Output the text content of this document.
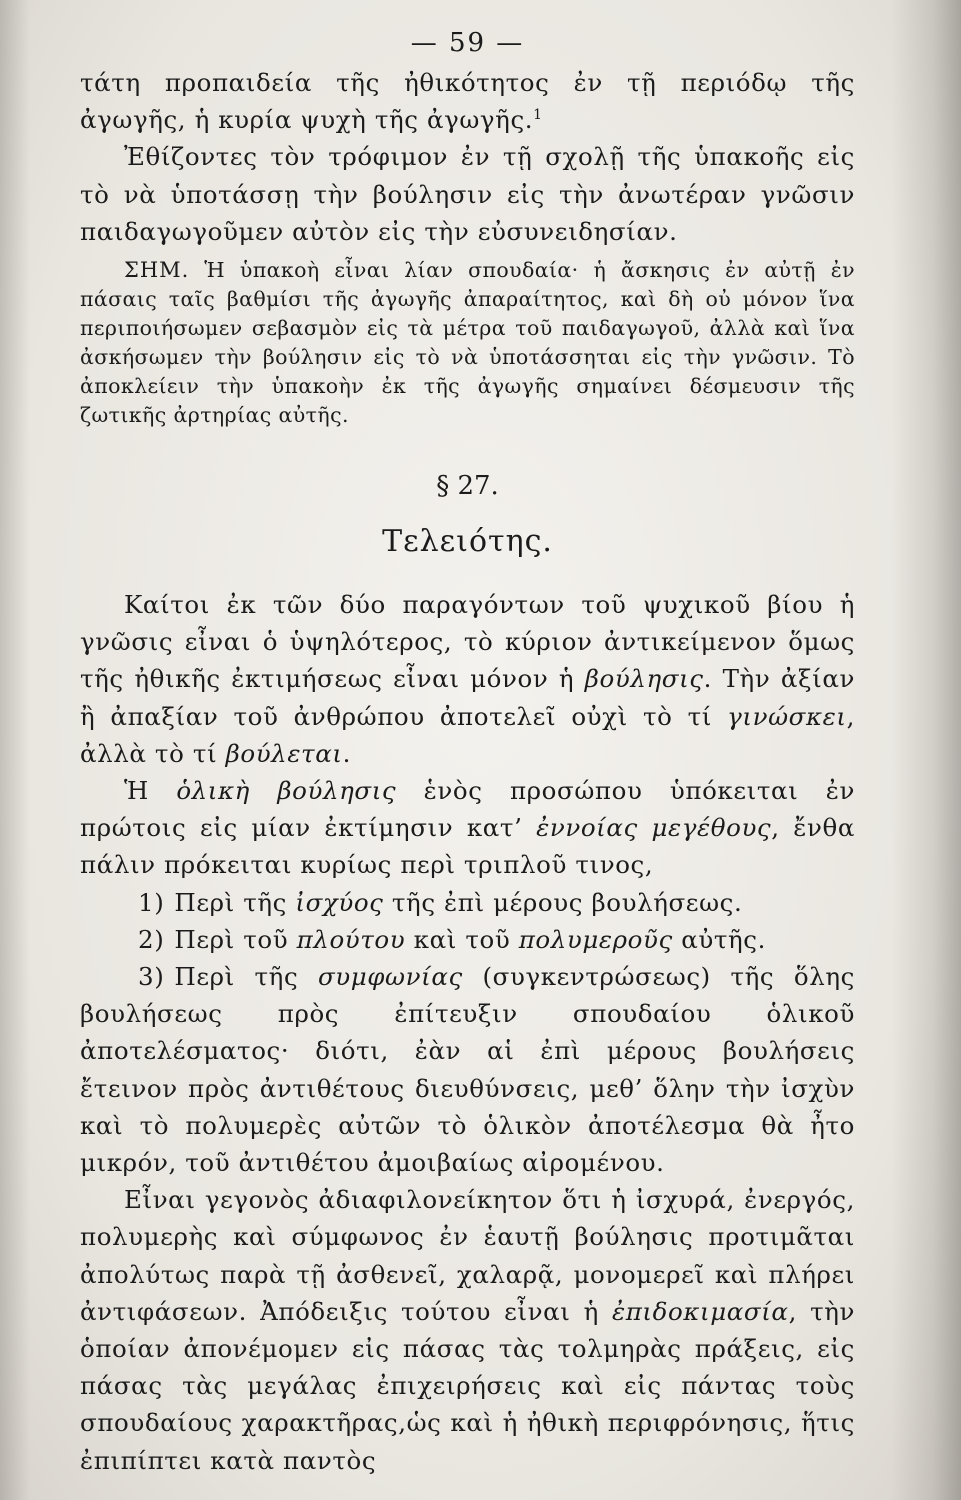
— 59 —

τάτη προπαιδεία τῆς ἠθικότητος ἐν τῇ περιόδῳ τῆς ἀγωγῆς, ἡ κυρία ψυχὴ τῆς ἀγωγῆς.$^1$

Ἐθίζοντες τὸν τρόφιμον ἐν τῇ σχολῇ τῆς ὑπακοῆς εἰς τὸ νὰ ὑποτάσσῃ τὴν βούλησιν εἰς τὴν ἀνωτέραν γνῶσιν παιδαγωγοῦμεν αὐτὸν εἰς τὴν εὐσυνειδησίαν.

ΣΗΜ. Ἡ ὑπακοὴ εἶναι λίαν σπουδαία· ἡ ἄσκησις ἐν αὐτῇ ἐν πάσαις ταῖς βαθμίσι τῆς ἀγωγῆς ἀπαραίτητος, καὶ δὴ οὐ μόνον ἵνα περιποιήσωμεν σεβασμὸν εἰς τὰ μέτρα τοῦ παιδαγωγοῦ, ἀλλὰ καὶ ἵνα ἀσκήσωμεν τὴν βούλησιν εἰς τὸ νὰ ὑποτάσσηται εἰς τὴν γνῶσιν. Τὸ ἀποκλείειν τὴν ὑπακοὴν ἐκ τῆς ἀγωγῆς σημαίνει δέσμευσιν τῆς ζωτικῆς ἀρτηρίας αὐτῆς.

§ 27.
Τελειότης.

Καίτοι ἐκ τῶν δύο παραγόντων τοῦ ψυχικοῦ βίου ἡ γνῶσις εἶναι ὁ ὑψηλότερος, τὸ κύριον ἀντικείμενον ὅμως τῆς ἠθικῆς ἐκτιμήσεως εἶναι μόνον ἡ βούλησις. Τὴν ἀξίαν ἢ ἀπαξίαν τοῦ ἀνθρώπου ἀποτελεῖ οὐχὶ τὸ τί γινώσκει, ἀλλὰ τὸ τί βούλεται.

Ἡ ὁλικὴ βούλησις ἑνὸς προσώπου ὑπόκειται ἐν πρώτοις εἰς μίαν ἐκτίμησιν κατ’ ἐννοίας μεγέθους, ἔνθα πάλιν πρόκειται κυρίως περὶ τριπλοῦ τινος,

1) Περὶ τῆς ἰσχύος τῆς ἐπὶ μέρους βουλήσεως.

2) Περὶ τοῦ πλούτου καὶ τοῦ πολυμεροῦς αὐτῆς.

3) Περὶ τῆς συμφωνίας (συγκεντρώσεως) τῆς ὅλης βουλήσεως πρὸς ἐπίτευξιν σπουδαίου ὁλικοῦ ἀποτελέσματος· διότι, ἐὰν αἱ ἐπὶ μέρους βουλήσεις ἔτεινον πρὸς ἀντιθέτους διευθύνσεις, μεθ’ ὅλην τὴν ἰσχὺν καὶ τὸ πολυμερὲς αὐτῶν τὸ ὁλικὸν ἀποτέλεσμα θὰ ἦτο μικρόν, τοῦ ἀντιθέτου ἀμοιβαίως αἰρομένου.

Εἶναι γεγονὸς ἀδιαφιλονείκητον ὅτι ἡ ἰσχυρά, ἐνεργός, πολυμερὴς καὶ σύμφωνος ἐν ἑαυτῇ βούλησις προτιμᾶται ἀπολύτως παρὰ τῇ ἀσθενεῖ, χαλαρᾷ, μονομερεῖ καὶ πλήρει ἀντιφάσεων. Ἀπόδειξις τούτου εἶναι ἡ ἐπιδοκιμασία, τὴν ὁποίαν ἀπονέμομεν εἰς πάσας τὰς τολμηρὰς πράξεις, εἰς πάσας τὰς μεγάλας ἐπιχειρήσεις καὶ εἰς πάντας τοὺς σπουδαίους χαρακτῆρας,ὡς καὶ ἡ ἠθικὴ περιφρόνησις, ἥτις ἐπιπίπτει κατὰ παντὸς
